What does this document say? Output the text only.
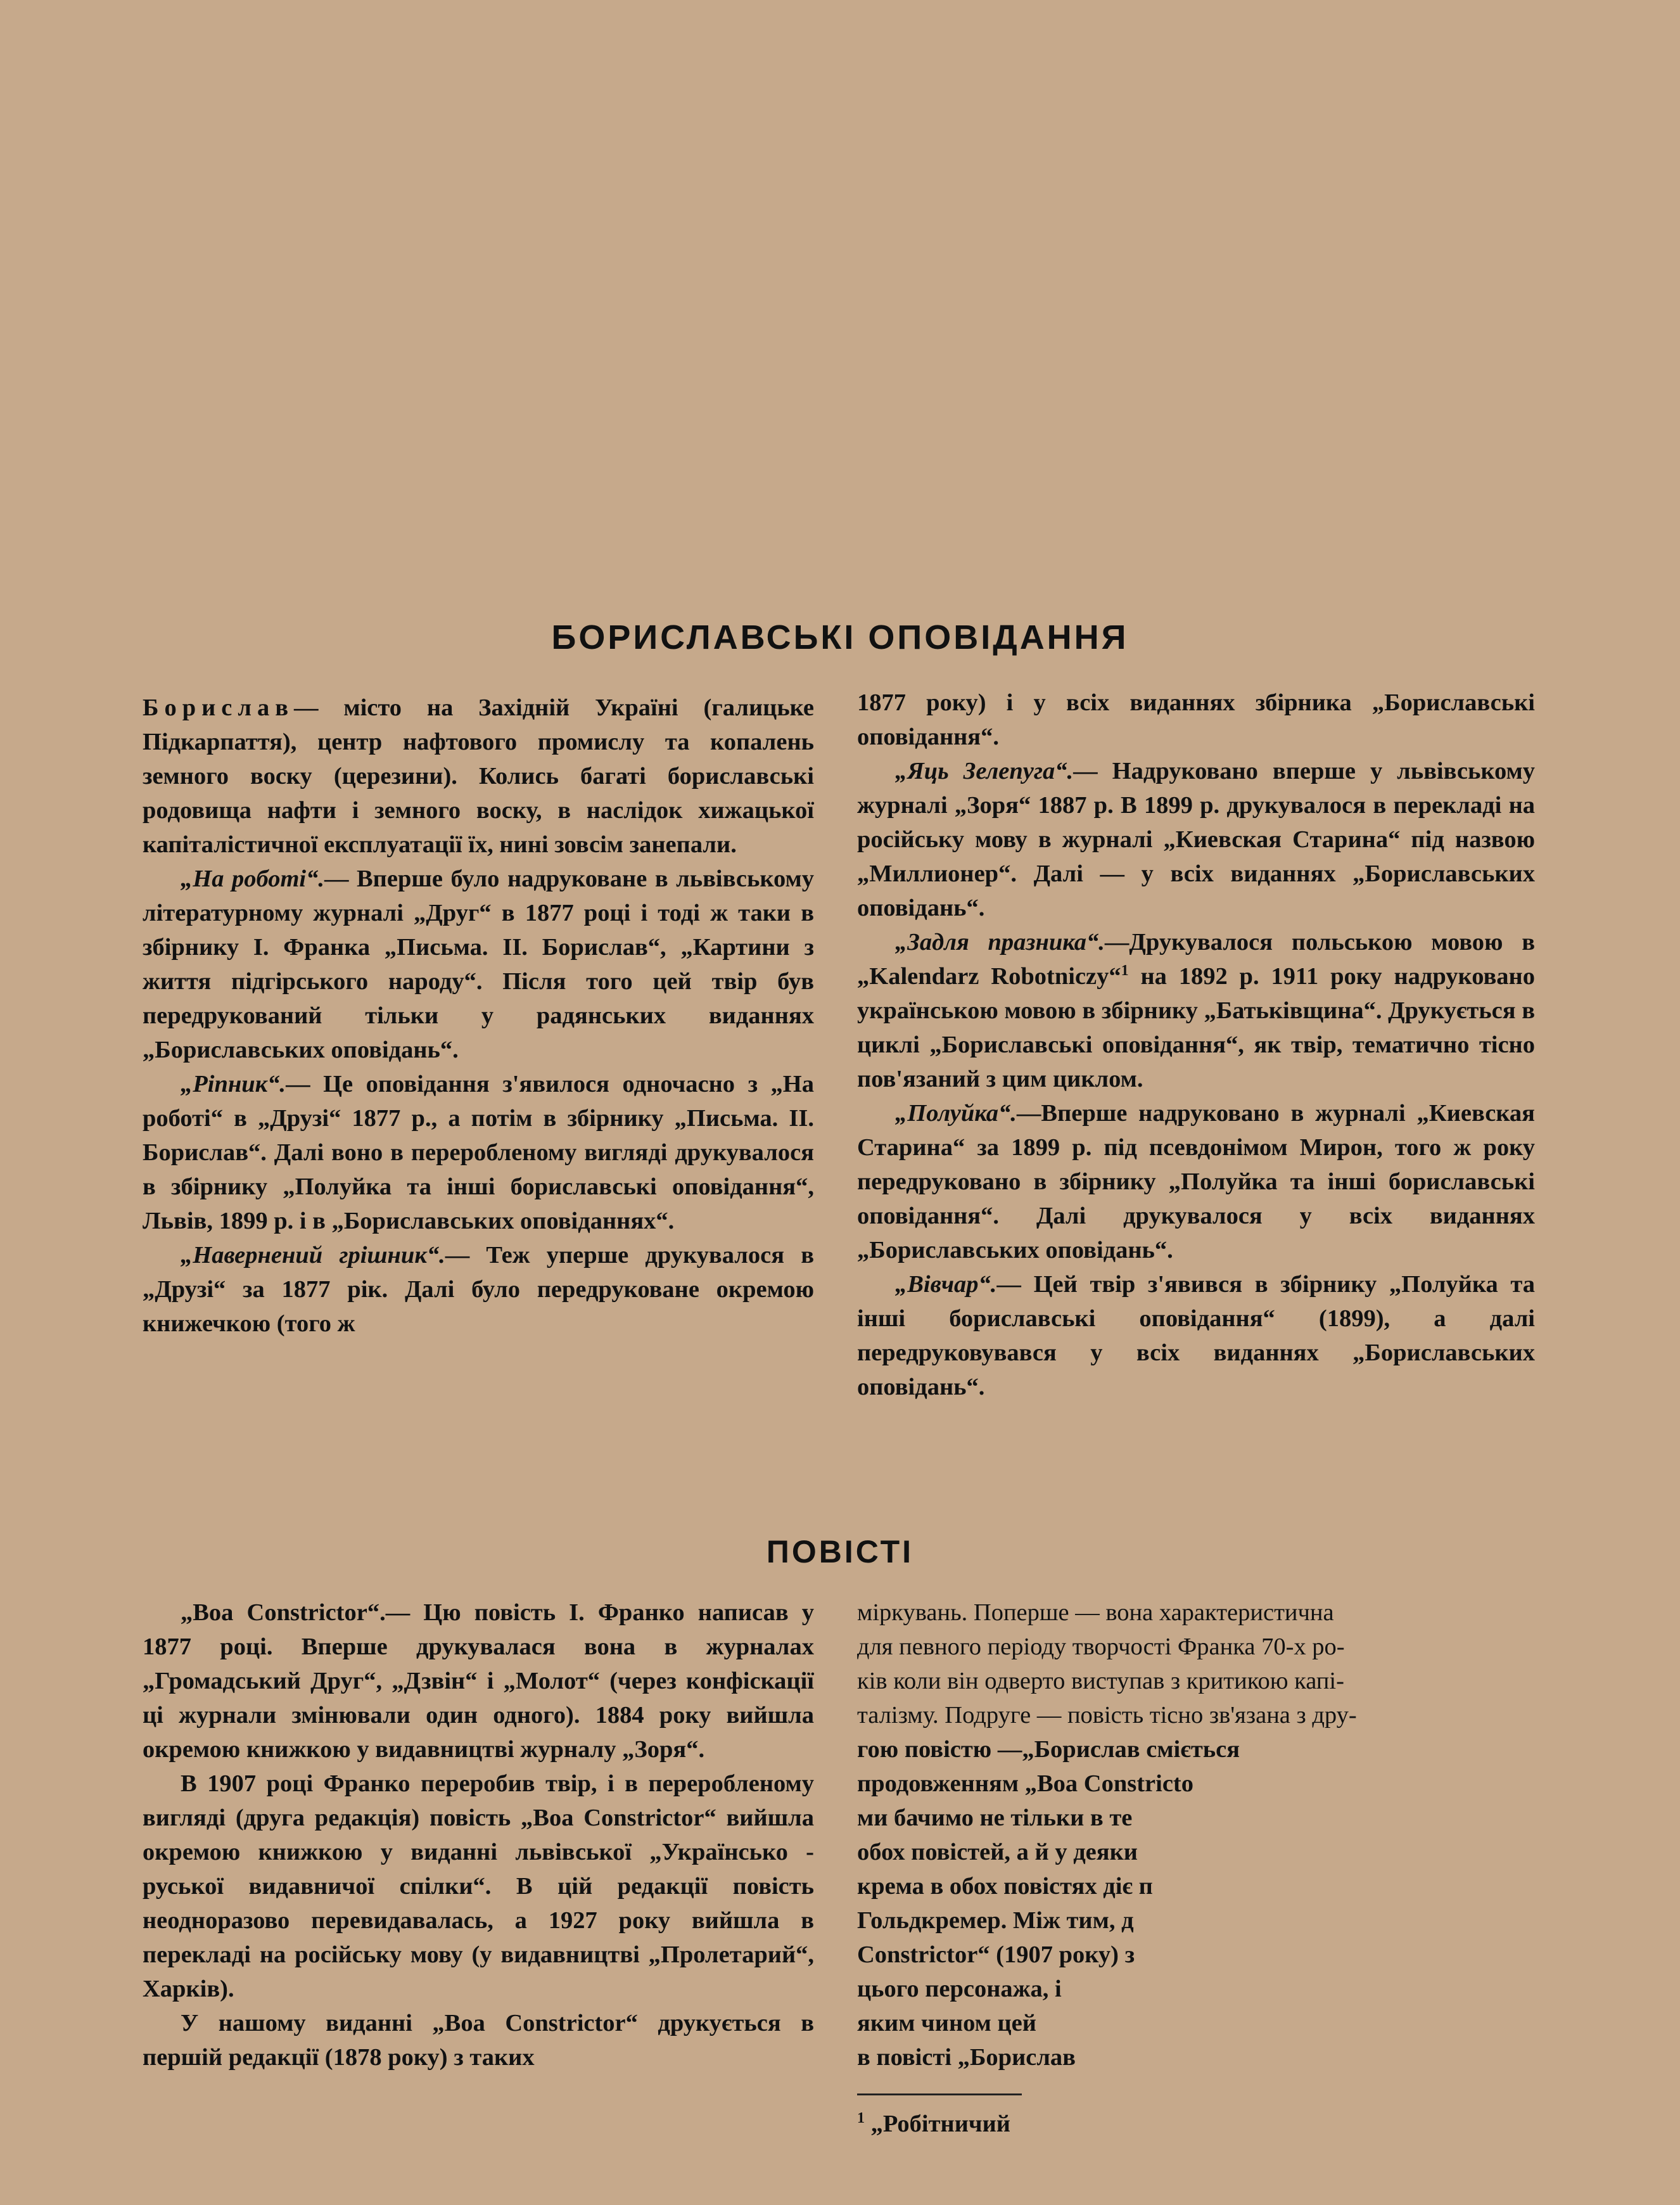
БОРИСЛАВСЬКІ ОПОВІДАННЯ

Борислав— місто на Західній Україні (галицьке Підкарпаття), центр нафтового промислу та копалень земного воску (церезини). Колись багаті бориславські родовища нафти і земного воску, в наслідок хижацької капіталістичної експлуатації їх, нині зовсім занепали.

„На роботі“.— Вперше було надруковане в львівському літературному журналі „Друг“ в 1877 році і тоді ж таки в збірнику І. Франка „Письма. ІІ. Борислав“, „Картини з життя підгірського народу“. Після того цей твір був передрукований тільки у радянських виданнях „Бориславських оповідань“.

„Ріпник“.— Це оповідання з'явилося одночасно з „На роботі“ в „Друзі“ 1877 р., а потім в збірнику „Письма. ІІ. Борислав“. Далі воно в переробленому вигляді друкувалося в збірнику „Полуйка та інші бориславські оповідання“, Львів, 1899 р. і в „Бориславських оповіданнях“.

„Навернений грішник“.— Теж уперше друкувалося в „Друзі“ за 1877 рік. Далі було передруковане окремою книжечкою (того ж

1877 року) і у всіх виданнях збірника „Бориславські оповідання“.

„Яць Зелепуга“.— Надруковано вперше у львівському журналі „Зоря“ 1887 р. В 1899 р. друкувалося в перекладі на російську мову в журналі „Киевская Старина“ під назвою „Миллионер“. Далі — у всіх виданнях „Бориславських оповідань“.

„Задля празника“.—Друкувалося польською мовою в „Kalendarz Robotniczy“$^1$ на 1892 р. 1911 року надруковано українською мовою в збірнику „Батьківщина“. Друкується в циклі „Бориславські оповідання“, як твір, тематично тісно пов'язаний з цим циклом.

„Полуйка“.—Вперше надруковано в журналі „Киевская Старина“ за 1899 р. під псевдонімом Мирон, того ж року передруковано в збірнику „Полуйка та інші бориславські оповідання“. Далі друкувалося у всіх виданнях „Бориславських оповідань“.

„Вівчар“.— Цей твір з'явився в збірнику „Полуйка та інші бориславські оповідання“ (1899), а далі передруковувався у всіх виданнях „Бориславських оповідань“.

ПОВІСТІ

„Boa Constrictor“.— Цю повість І. Франко написав у 1877 році. Вперше друкувалася вона в журналах „Громадський Друг“, „Дзвін“ і „Молот“ (через конфіскації ці журнали змінювали один одного). 1884 року вийшла окремою книжкою у видавництві журналу „Зоря“.

В 1907 році Франко переробив твір, і в переробленому вигляді (друга редакція) повість „Boa Constrictor“ вийшла окремою книжкою у виданні львівської „Українсько - руської видавничої спілки“. В цій редакції повість неодноразово перевидавалась, а 1927 року вийшла в перекладі на російську мову (у видавництві „Пролетарий“, Харків).

У нашому виданні „Boa Constrictor“ друкується в першій редакції (1878 року) з таких

міркувань. Поперше — вона характеристична
для певного періоду творчості Франка 70-х ро-
ків коли він одверто виступав з критикою капі-
талізму. Подруге — повість тісно зв'язана з дру-
гою повістю —„Борислав сміється
продовженням „Boa Constricto
ми бачимо не тільки в те
обох повістей, а й у деяки
крема в обох повістях діє п
Гольдкремер. Між тим, д
Constrictor“ (1907 року) з
цього персонажа, і
яким чином цей
в повісті „Борислав
$^1$ „Робітничий
